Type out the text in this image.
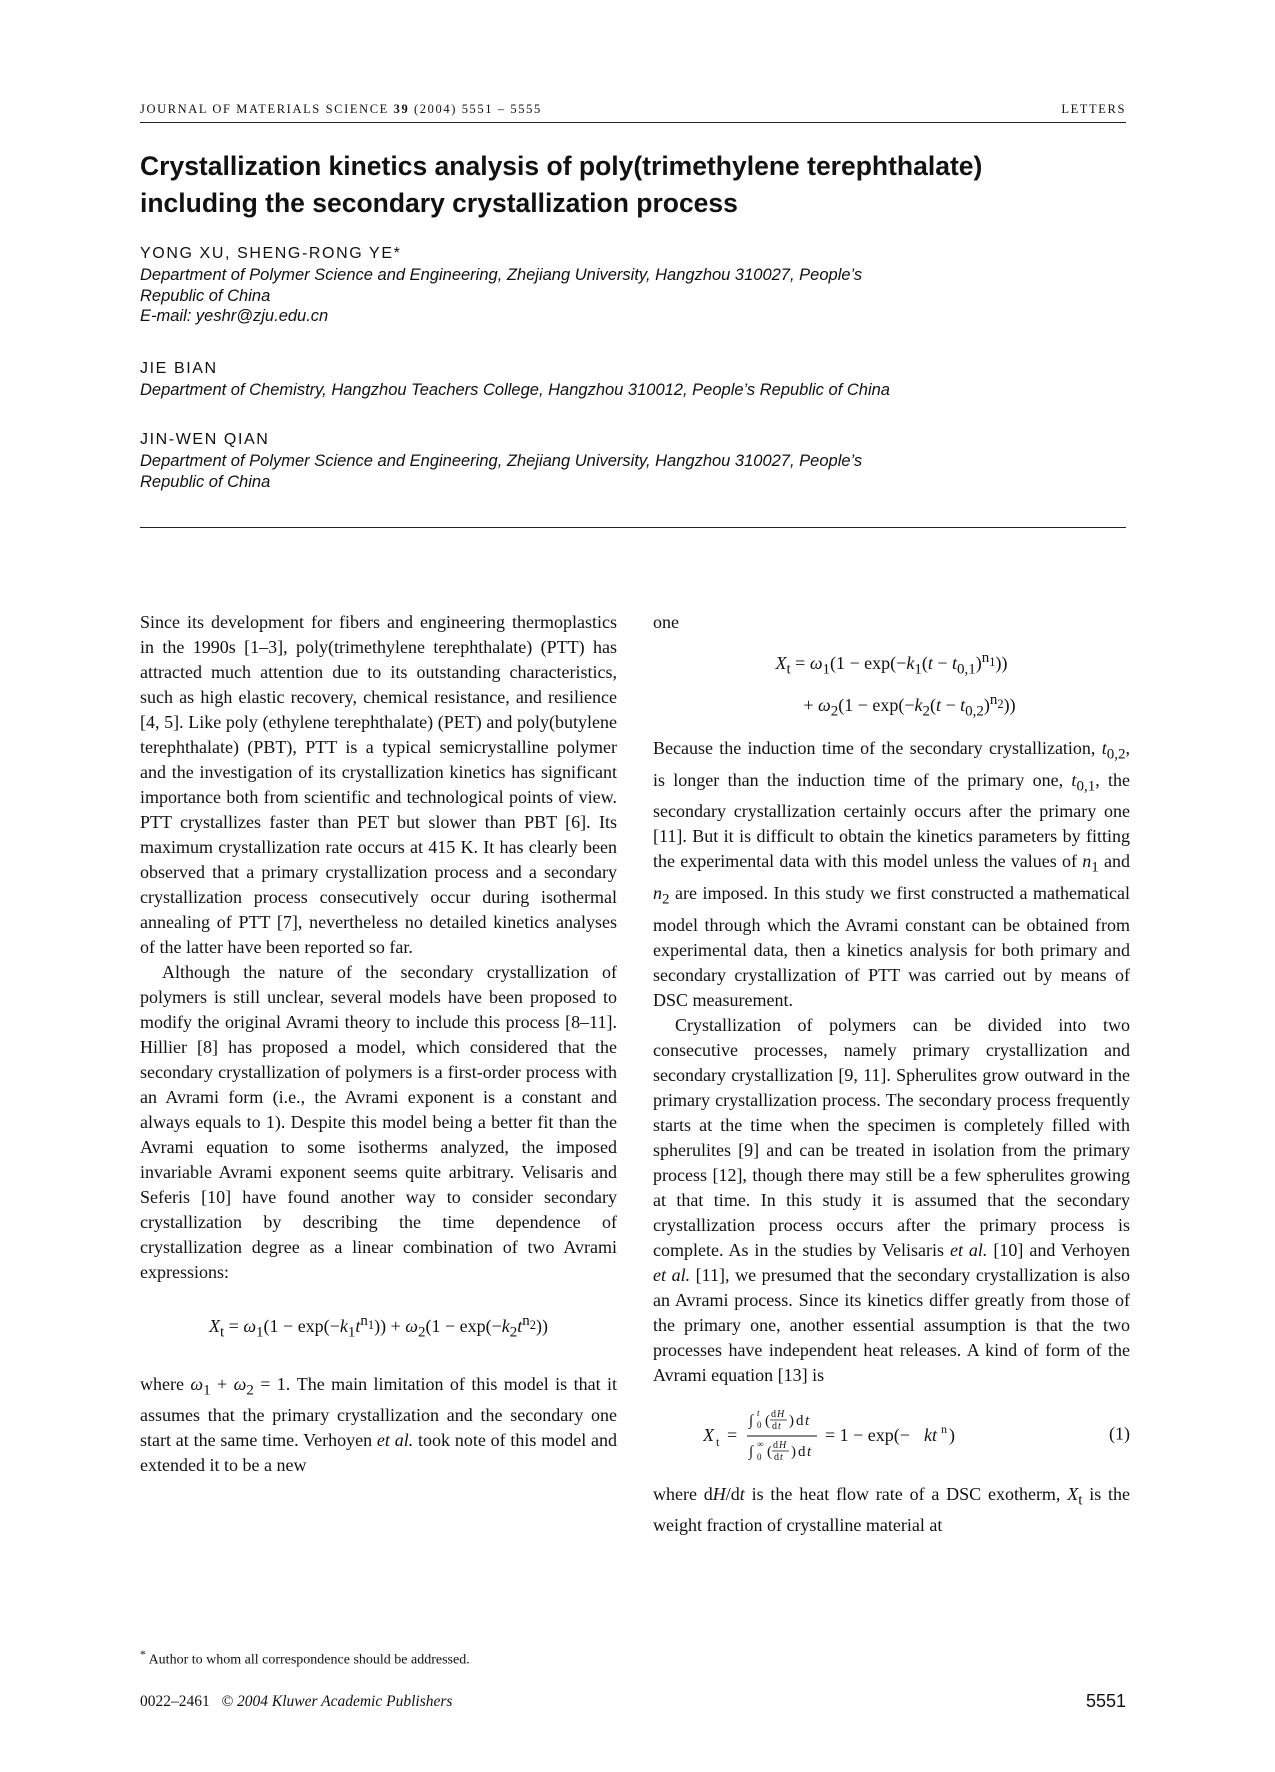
JOURNAL OF MATERIALS SCIENCE 39 (2004) 5551 – 5555	LETTERS
Crystallization kinetics analysis of poly(trimethylene terephthalate)
including the secondary crystallization process
YONG XU, SHENG-RONG YE*
Department of Polymer Science and Engineering, Zhejiang University, Hangzhou 310027, People’s
Republic of China
E-mail: yeshr@zju.edu.cn
JIE BIAN
Department of Chemistry, Hangzhou Teachers College, Hangzhou 310012, People’s Republic of China
JIN-WEN QIAN
Department of Polymer Science and Engineering, Zhejiang University, Hangzhou 310027, People’s
Republic of China

Since its development for fibers and engineering thermoplastics in the 1990s [1–3], poly(trimethylene terephthalate) (PTT) has attracted much attention due to its outstanding characteristics, such as high elastic recovery, chemical resistance, and resilience [4, 5]. Like poly (ethylene terephthalate) (PET) and poly(butylene terephthalate) (PBT), PTT is a typical semicrystalline polymer and the investigation of its crystallization kinetics has significant importance both from scientific and technological points of view. PTT crystallizes faster than PET but slower than PBT [6]. Its maximum crystallization rate occurs at 415 K. It has clearly been observed that a primary crystallization process and a secondary crystallization process consecutively occur during isothermal annealing of PTT [7], nevertheless no detailed kinetics analyses of the latter have been reported so far.

Although the nature of the secondary crystallization of polymers is still unclear, several models have been proposed to modify the original Avrami theory to include this process [8–11]. Hillier [8] has proposed a model, which considered that the secondary crystallization of polymers is a first-order process with an Avrami form (i.e., the Avrami exponent is a constant and always equals to 1). Despite this model being a better fit than the Avrami equation to some isotherms analyzed, the imposed invariable Avrami exponent seems quite arbitrary. Velisaris and Seferis [10] have found another way to consider secondary crystallization by describing the time dependence of crystallization degree as a linear combination of two Avrami expressions:

$X_t = \omega_1(1 - \exp(-k_1t^{n_1})) + \omega_2(1 - \exp(-k_2t^{n_2}))$

where $\omega_1 + \omega_2 = 1$. The main limitation of this model is that it assumes that the primary crystallization and the secondary one start at the same time. Verhoyen et al. took note of this model and extended it to be a new

one

$X_t = \omega_1(1 - \exp(-k_1(t - t_{0,1})^{n_1}))$
+ $\omega_2(1 - \exp(-k_2(t - t_{0,2})^{n_2}))$

Because the induction time of the secondary crystallization, $t_{0,2}$, is longer than the induction time of the primary one, $t_{0,1}$, the secondary crystallization certainly occurs after the primary one [11]. But it is difficult to obtain the kinetics parameters by fitting the experimental data with this model unless the values of $n_1$ and $n_2$ are imposed. In this study we first constructed a mathematical model through which the Avrami constant can be obtained from experimental data, then a kinetics analysis for both primary and secondary crystallization of PTT was carried out by means of DSC measurement.

Crystallization of polymers can be divided into two consecutive processes, namely primary crystallization and secondary crystallization [9, 11]. Spherulites grow outward in the primary crystallization process. The secondary process frequently starts at the time when the specimen is completely filled with spherulites [9] and can be treated in isolation from the primary process [12], though there may still be a few spherulites growing at that time. In this study it is assumed that the secondary crystallization process occurs after the primary process is complete. As in the studies by Velisaris et al. [10] and Verhoyen et al. [11], we presumed that the secondary crystallization is also an Avrami process. Since its kinetics differ greatly from those of the primary one, another essential assumption is that the two processes have independent heat releases. A kind of form of the Avrami equation [13] is

X t =
∫ t
0 ( d H
d t ) d t
∫ ∞
0 ( d H
d t ) d t
= 1 − exp(− kt n )	(1)

where dH/dt is the heat flow rate of a DSC exotherm, $X_t$ is the weight fraction of crystalline material at

* Author to whom all correspondence should be addressed.
0022–2461 © 2004 Kluwer Academic Publishers	5551
